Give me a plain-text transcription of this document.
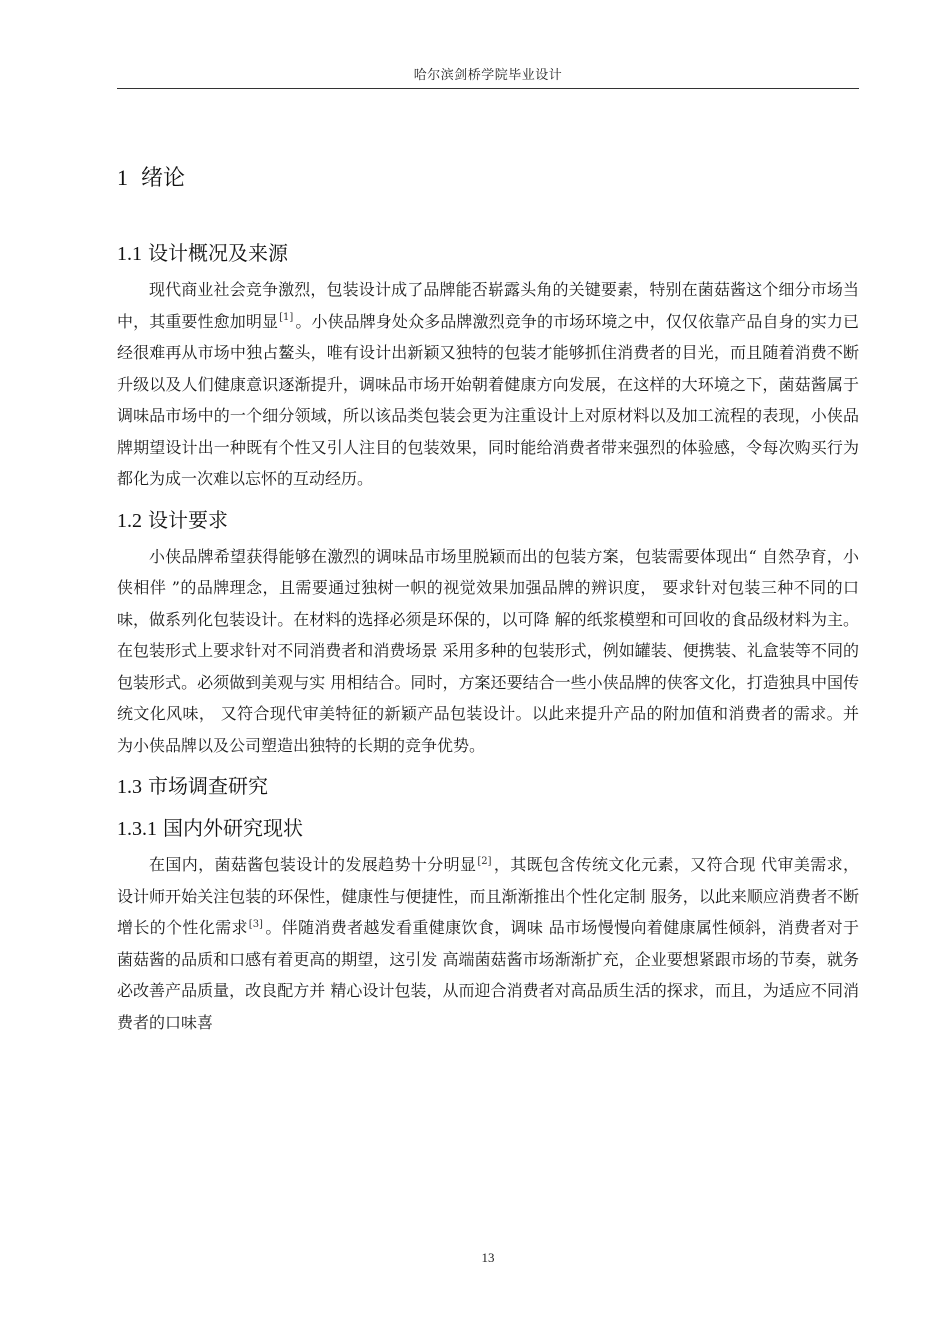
哈尔滨剑桥学院毕业设计
1 绪论
1.1 设计概况及来源

现代商业社会竞争激烈，包装设计成了品牌能否崭露头角的关键要素，特别在菌菇酱这个细分市场当中，其重要性愈加明显[1] 。小侠品牌身处众多品牌激烈竞争的市场环境之中，仅仅依靠产品自身的实力已经很难再从市场中独占鳌头，唯有设计出新颖又独特的包装才能够抓住消费者的目光，而且随着消费不断升级以及人们健康意识逐渐提升，调味品市场开始朝着健康方向发展，在这样的大环境之下，菌菇酱属于调味品市场中的一个细分领域，所以该品类包装会更为注重设计上对原材料以及加工流程的表现，小侠品牌期望设计出一种既有个性又引人注目的包装效果，同时能给消费者带来强烈的体验感，令每次购买行为都化为成一次难以忘怀的互动经历。

1.2 设计要求

小侠品牌希望获得能够在激烈的调味品市场里脱颖而出的包装方案，包装需要体现出“ 自然孕育，小侠相伴 ”的品牌理念，且需要通过独树一帜的视觉效果加强品牌的辨识度， 要求针对包装三种不同的口味，做系列化包装设计。在材料的选择必须是环保的，以可降 解的纸浆模塑和可回收的食品级材料为主。在包装形式上要求针对不同消费者和消费场景 采用多种的包装形式，例如罐装、便携装、礼盒装等不同的包装形式。必须做到美观与实 用相结合。同时，方案还要结合一些小侠品牌的侠客文化，打造独具中国传统文化风味， 又符合现代审美特征的新颖产品包装设计。以此来提升产品的附加值和消费者的需求。并 为小侠品牌以及公司塑造出独特的长期的竞争优势。

1.3 市场调查研究
1.3.1 国内外研究现状

在国内，菌菇酱包装设计的发展趋势十分明显[2] ，其既包含传统文化元素，又符合现 代审美需求，设计师开始关注包装的环保性，健康性与便捷性，而且渐渐推出个性化定制 服务，以此来顺应消费者不断增长的个性化需求[3] 。伴随消费者越发看重健康饮食，调味 品市场慢慢向着健康属性倾斜，消费者对于菌菇酱的品质和口感有着更高的期望，这引发 高端菌菇酱市场渐渐扩充，企业要想紧跟市场的节奏，就务必改善产品质量，改良配方并 精心设计包装，从而迎合消费者对高品质生活的探求，而且，为适应不同消费者的口味喜

13
